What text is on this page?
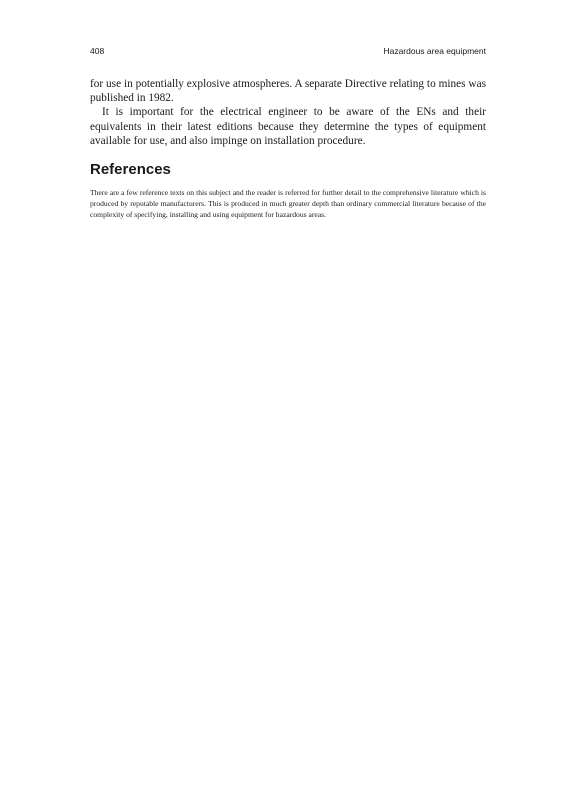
408	Hazardous area equipment

for use in potentially explosive atmospheres. A separate Directive relating to mines was published in 1982.

It is important for the electrical engineer to be aware of the ENs and their equivalents in their latest editions because they determine the types of equipment available for use, and also impinge on installation procedure.

References

There are a few reference texts on this subject and the reader is referred for further detail to the comprehensive literature which is produced by reputable manufacturers. This is produced in much greater depth than ordinary commercial literature because of the complexity of specifying, installing and using equipment for hazardous areas.
